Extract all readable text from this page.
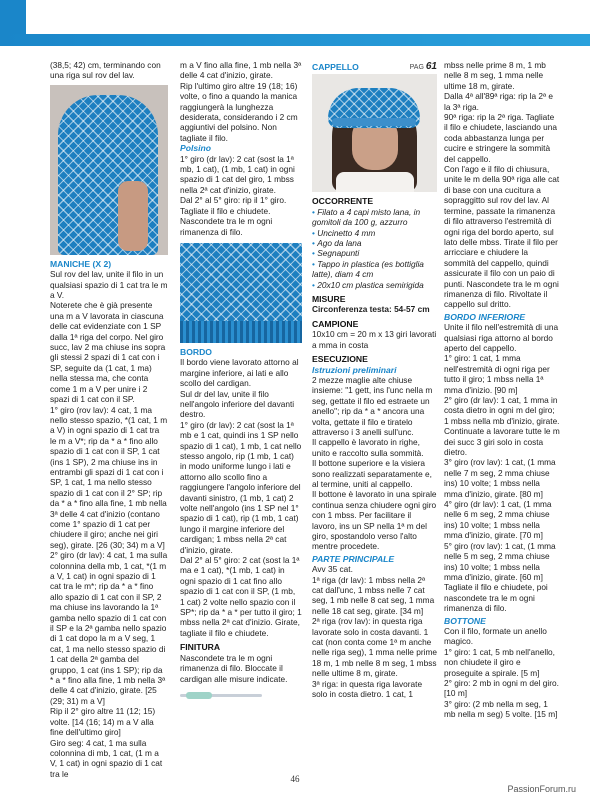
(38,5; 42) cm, terminando con una riga sul rov del lav.

MANICHE (X 2)

Sul rov del lav, unite il filo in un qualsiasi spazio di 1 cat tra le m a V.

Noterete che è già presente una m a V lavorata in ciascuna delle cat evidenziate con 1 SP dalla 1ª riga del corpo. Nel giro succ, lav 2 ma chiuse ins sopra gli stessi 2 spazi di 1 cat con i SP, seguite da (1 cat, 1 ma) nella stessa ma, che conta come 1 m a V per unire i 2 spazi di 1 cat con il SP.

1° giro (rov lav): 4 cat, 1 ma nello stesso spazio, *(1 cat, 1 m a V) in ogni spazio di 1 cat tra le m a V*; rip da * a * fino allo spazio di 1 cat con il SP, 1 cat (ins 1 SP), 2 ma chiuse ins in entrambi gli spazi di 1 cat con i SP, 1 cat, 1 ma nello stesso spazio di 1 cat con il 2° SP; rip da * a * fino alla fine, 1 mb nella 3ª delle 4 cat d'inizio (contano come 1° spazio di 1 cat per chiudere il giro; anche nei giri seg), girate. [26 (30; 34) m a V]

2° giro (dr lav): 4 cat, 1 ma sulla colonnina della mb, 1 cat, *(1 m a V, 1 cat) in ogni spazio di 1 cat tra le m*; rip da * a * fino allo spazio di 1 cat con il SP, 2 ma chiuse ins lavorando la 1ª gamba nello spazio di 1 cat con il SP e la 2ª gamba nello spazio di 1 cat dopo la m a V seg, 1 cat, 1 ma nello stesso spazio di 1 cat della 2ª gamba del gruppo, 1 cat (ins 1 SP); rip da * a * fino alla fine, 1 mb nella 3ª delle 4 cat d'inizio, girate. [25 (29; 31) m a V]

Rip il 2° giro altre 11 (12; 15) volte. [14 (16; 14) m a V alla fine dell'ultimo giro]

Giro seg: 4 cat, 1 ma sulla colonnina di mb, 1 cat, (1 m a V, 1 cat) in ogni spazio di 1 cat tra le

m a V fino alla fine, 1 mb nella 3ª delle 4 cat d'inizio, girate.

Rip l'ultimo giro altre 19 (18; 16) volte, o fino a quando la manica raggiungerà la lunghezza desiderata, considerando i 2 cm aggiuntivi del polsino. Non tagliate il filo.

Polsino

1° giro (dr lav): 2 cat (sost la 1ª mb, 1 cat), (1 mb, 1 cat) in ogni spazio di 1 cat del giro, 1 mbss nella 2ª cat d'inizio, girate.

Dal 2° al 5° giro: rip il 1° giro. Tagliate il filo e chiudete. Nascondete tra le m ogni rimanenza di filo.

BORDO

Il bordo viene lavorato attorno al margine inferiore, ai lati e allo scollo del cardigan.

Sul dr del lav, unite il filo nell'angolo inferiore del davanti destro.

1° giro (dr lav): 2 cat (sost la 1ª mb e 1 cat, quindi ins 1 SP nello spazio di 1 cat), 1 mb, 1 cat nello stesso angolo, rip (1 mb, 1 cat) in modo uniforme lungo i lati e attorno allo scollo fino a raggiungere l'angolo inferiore del davanti sinistro, (1 mb, 1 cat) 2 volte nell'angolo (ins 1 SP nel 1° spazio di 1 cat), rip (1 mb, 1 cat) lungo il margine inferiore del cardigan; 1 mbss nella 2ª cat d'inizio, girate.

Dal 2° al 5° giro: 2 cat (sost la 1ª ma e 1 cat), *(1 mb, 1 cat) in ogni spazio di 1 cat fino allo spazio di 1 cat con il SP, (1 mb, 1 cat) 2 volte nello spazio con il SP*; rip da * a * per tutto il giro; 1 mbss nella 2ª cat d'inizio. Girate, tagliate il filo e chiudete.

FINITURA

Nascondete tra le m ogni rimanenza di filo. Bloccate il cardigan alle misure indicate.

CAPPELLO	PAG 61
OCCORRENTE
• Filato a 4 capi misto lana, in gomitoli da 100 g, azzurro
• Uncinetto 4 mm
• Ago da lana
• Segnapunti
• Tappo in plastica (es bottiglia latte), diam 4 cm
• 20x10 cm plastica semirigida
MISURE

Circonferenza testa: 54-57 cm

CAMPIONE

10x10 cm = 20 m x 13 giri lavorati a mma in costa

ESECUZIONE
Istruzioni preliminari

2 mezze maglie alte chiuse insieme: "1 gett, ins l'unc nella m seg, gettate il filo ed estraete un anello"; rip da * a * ancora una volta, gettate il filo e tiratelo attraverso i 3 anelli sull'unc.

Il cappello è lavorato in righe, unito e raccolto sulla sommità.

Il bottone superiore e la visiera sono realizzati separatamente e, al termine, uniti al cappello.

Il bottone è lavorato in una spirale continua senza chiudere ogni giro con 1 mbss. Per facilitare il lavoro, ins un SP nella 1ª m del giro, spostandolo verso l'alto mentre procedete.

PARTE PRINCIPALE

Avv 35 cat.

1ª riga (dr lav): 1 mbss nella 2ª cat dall'unc, 1 mbss nelle 7 cat seg, 1 mb nelle 8 cat seg, 1 mma nelle 18 cat seg, girate. [34 m]

2ª riga (rov lav): in questa riga lavorate solo in costa davanti. 1 cat (non conta come 1ª m anche nelle riga seg), 1 mma nelle prime 18 m, 1 mb nelle 8 m seg, 1 mbss nelle ultime 8 m, girate.

3ª riga: in questa riga lavorate solo in costa dietro. 1 cat, 1

mbss nelle prime 8 m, 1 mb nelle 8 m seg, 1 mma nelle ultime 18 m, girate.

Dalla 4ª all'89ª riga: rip la 2ª e la 3ª riga.

90ª riga: rip la 2ª riga. Tagliate il filo e chiudete, lasciando una coda abbastanza lunga per cucire e stringere la sommità del cappello.

Con l'ago e il filo di chiusura, unite le m della 90ª riga alle cat di base con una cucitura a sopraggitto sul rov del lav. Al termine, passate la rimanenza di filo attraverso l'estremità di ogni riga del bordo aperto, sul lato delle mbss. Tirate il filo per arricciare e chiudere la sommità del cappello, quindi assicurate il filo con un paio di punti. Nascondete tra le m ogni rimanenza di filo. Rivoltate il cappello sul dritto.

BORDO INFERIORE

Unite il filo nell'estremità di una qualsiasi riga attorno al bordo aperto del cappello.

1° giro: 1 cat, 1 mma nell'estremità di ogni riga per tutto il giro; 1 mbss nella 1ª mma d'inizio. [90 m]

2° giro (dr lav): 1 cat, 1 mma in costa dietro in ogni m del giro; 1 mbss nella mb d'inizio, girate.

Continuate a lavorare tutte le m dei succ 3 giri solo in costa dietro.

3° giro (rov lav): 1 cat, (1 mma nelle 7 m seg, 2 mma chiuse ins) 10 volte; 1 mbss nella mma d'inizio, girate. [80 m]

4° giro (dr lav): 1 cat, (1 mma nelle 6 m seg, 2 mma chiuse ins) 10 volte; 1 mbss nella mma d'inizio, girate. [70 m]

5° giro (rov lav): 1 cat, (1 mma nelle 5 m seg, 2 mma chiuse ins) 10 volte; 1 mbss nella mma d'inizio, girate. [60 m]

Tagliate il filo e chiudete, poi nascondete tra le m ogni rimanenza di filo.

BOTTONE

Con il filo, formate un anello magico.

1° giro: 1 cat, 5 mb nell'anello, non chiudete il giro e proseguite a spirale. [5 m]

2° giro: 2 mb in ogni m del giro. [10 m]

3° giro: (2 mb nella m seg, 1 mb nella m seg) 5 volte. [15 m]

46
PassionForum.ru
